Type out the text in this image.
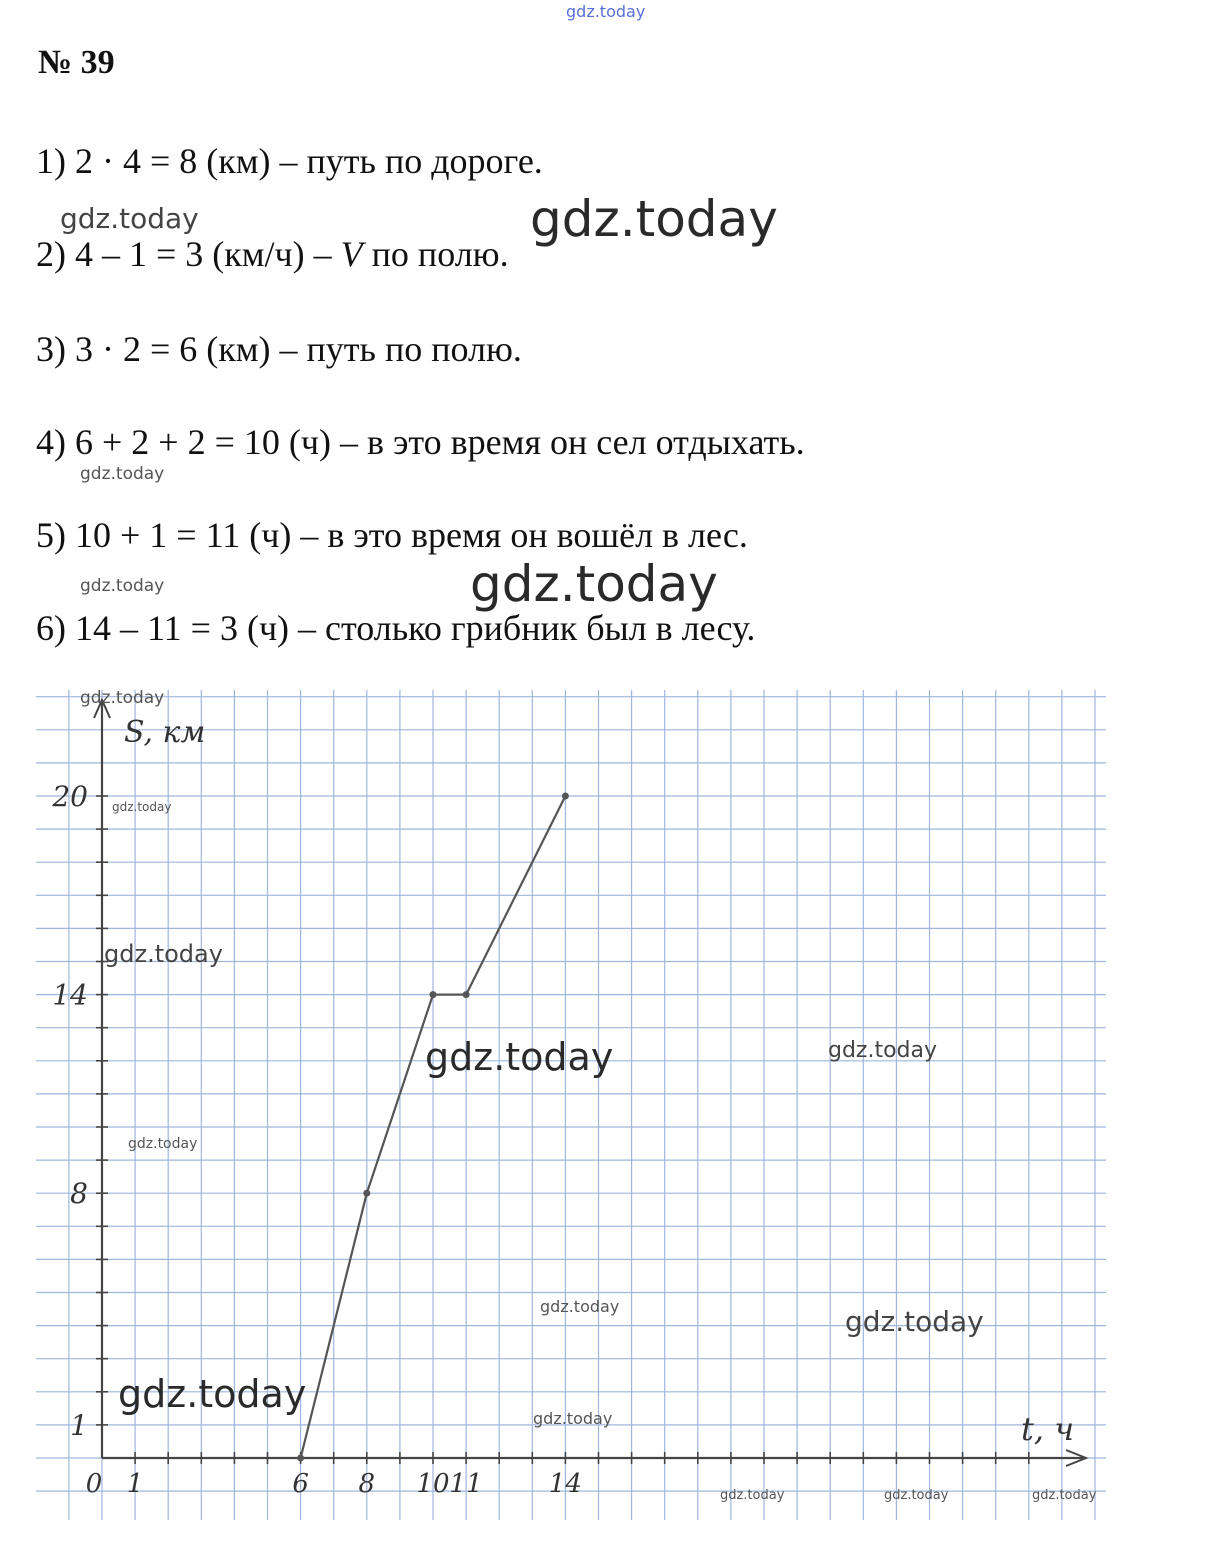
gdz.today
№ 39
1) 2 · 4 = 8 (км) – путь по дороге.
2) 4 – 1 = 3 (км/ч) – V по полю.
3) 3 · 2 = 6 (км) – путь по полю.
4) 6 + 2 + 2 = 10 (ч) – в это время он сел отдыхать.
5) 10 + 1 = 11 (ч) – в это время он вошёл в лес.
6) 14 – 11 = 3 (ч) – столько грибник был в лесу.
0 1	6 8 10 11	14
1
8
14
20
S, км
t, ч
gdz.today	gdz.today
gdz.today
gdz.today	gdz.today
gdz.today
gdz.today
gdz.today
gdz.today	gdz.today
gdz.today
gdz.today	gdz.today
gdz.today
gdz.today
gdz.today	gdz.today	gdz.today
